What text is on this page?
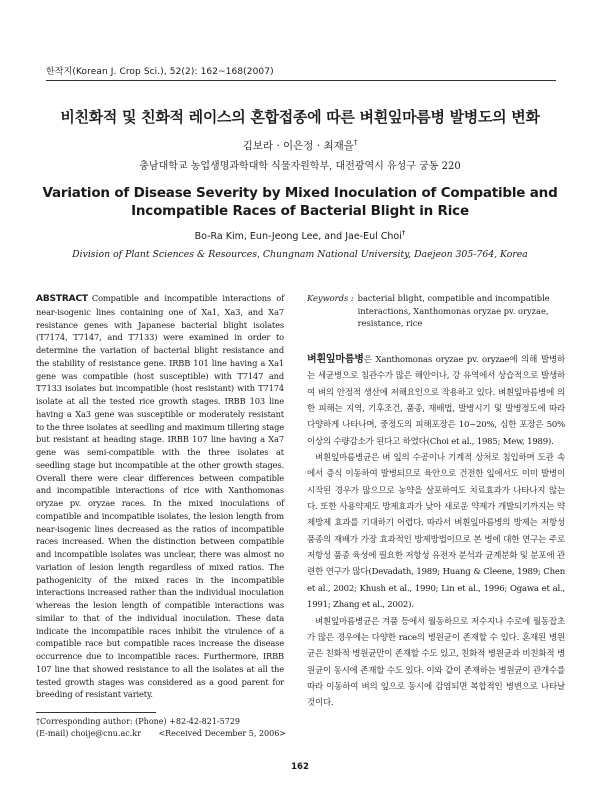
한작지(Korean J. Crop Sci.), 52(2): 162~168(2007)
비친화적 및 친화적 레이스의 혼합접종에 따른 벼흰잎마름병 발병도의 변화
김보라 · 이은정 · 최재을†
충남대학교 농업생명과학대학 식물자원학부, 대전광역시 유성구 궁동 220
Variation of Disease Severity by Mixed Inoculation of Compatible and Incompatible Races of Bacterial Blight in Rice
Bo-Ra Kim, Eun-Jeong Lee, and Jae-Eul Choi†
Division of Plant Sciences & Resources, Chungnam National University, Daejeon 305-764, Korea
ABSTRACT Compatible and incompatible interactions of near-isogenic lines containing one of Xa1, Xa3, and Xa7 resistance genes with Japanese bacterial blight isolates (T7174, T7147, and T7133) were examined in order to determine the variation of bacterial blight resistance and the stability of resistance gene. IRBB 101 line having a Xa1 gene was compatible (host susceptible) with T7147 and T7133 isolates but incompatible (host resistant) with T7174 isolate at all the tested rice growth stages. IRBB 103 line having a Xa3 gene was susceptible or moderately resistant to the three isolates at seedling and maximum tillering stage but resistant at heading stage. IRBB 107 line having a Xa7 gene was semi-compatible with the three isolates at seedling stage but incompatible at the other growth stages. Overall there were clear differences between compatible and incompatible interactions of rice with Xanthomonas oryzae pv. oryzae races. In the mixed inoculations of compatible and incompatible isolates, the lesion length from near-isogenic lines decreased as the ratios of incompatible races increased. When the distinction between compatible and incompatible isolates was unclear, there was almost no variation of lesion length regardless of mixed ratios. The pathogenicity of the mixed races in the incompatible interactions increased rather than the individual inoculation whereas the lesion length of compatible interactions was similar to that of the individual inoculation. These data indicate the incompatible races inhibit the virulence of a compatible race but compatible races increase the disease occurrence due to incompatible races. Furthermore, IRBB 107 line that showed resistance to all the isolates at all the tested growth stages was considered as a good parent for breeding of resistant variety.
Keywords : bacterial blight, compatible and incompatible interactions, Xanthomonas oryzae pv. oryzae, resistance, rice

벼흰잎마름병은 Xanthomonas oryzae pv. oryzae에 의해 발병하는 세균병으로 침관수가 많은 해안이나, 강 유역에서 상습적으로 발생하여 벼의 안정적 생산에 저해요인으로 작용하고 있다. 벼흰잎마름병에 의한 피해는 지역, 기후조건, 품종, 재배법, 발병시기 및 발병정도에 따라 다양하게 나타나며, 중정도의 피해포장은 10~20%, 심한 포장은 50% 이상의 수량감소가 된다고 하였다(Choi et al., 1985; Mew, 1989).

벼흰잎마름병균은 벼 잎의 수공이나 기계적 상처로 침입하며 도관 속에서 증식 이동하여 발병되므로 육안으로 건전한 잎에서도 이미 발병이 시작된 경우가 많으므로 농약을 살포하여도 치료효과가 나타나지 않는다. 또한 사용약제도 방제효과가 낮아 새로운 약제가 개발되기까지는 약제방제 효과를 기대하기 어렵다. 따라서 벼흰잎마름병의 방제는 저항성 품종의 재배가 가장 효과적인 방제방법이므로 본 병에 대한 연구는 주로 저항성 품종 육성에 필요한 저항성 유전자 분석과 균계분화 및 분포에 관련한 연구가 많다(Devadath, 1989; Huang & Cleene, 1989; Chen et al., 2002; Khush et al., 1990; Lin et al., 1996; Ogawa et al., 1991; Zhang et al., 2002).

벼흰잎마름병균은 겨품 등에서 월동하므로 저수지나 수로에 월동잡초가 많은 경우에는 다양한 race의 병원균이 존재할 수 있다. 혼재된 병원균은 친화적 병원균만이 존재할 수도 있고, 친화적 병원균과 비친화적 병원균이 동시에 존재할 수도 있다. 이와 같이 존재하는 병원균이 관개수를 따라 이동하여 벼의 잎으로 동시에 감염되면 복합적인 병변으로 나타날 것이다.

†Corresponding author: (Phone) +82-42-821-5729
(E-mail) choije@cnu.ac.kr <Received December 5, 2006>
162
